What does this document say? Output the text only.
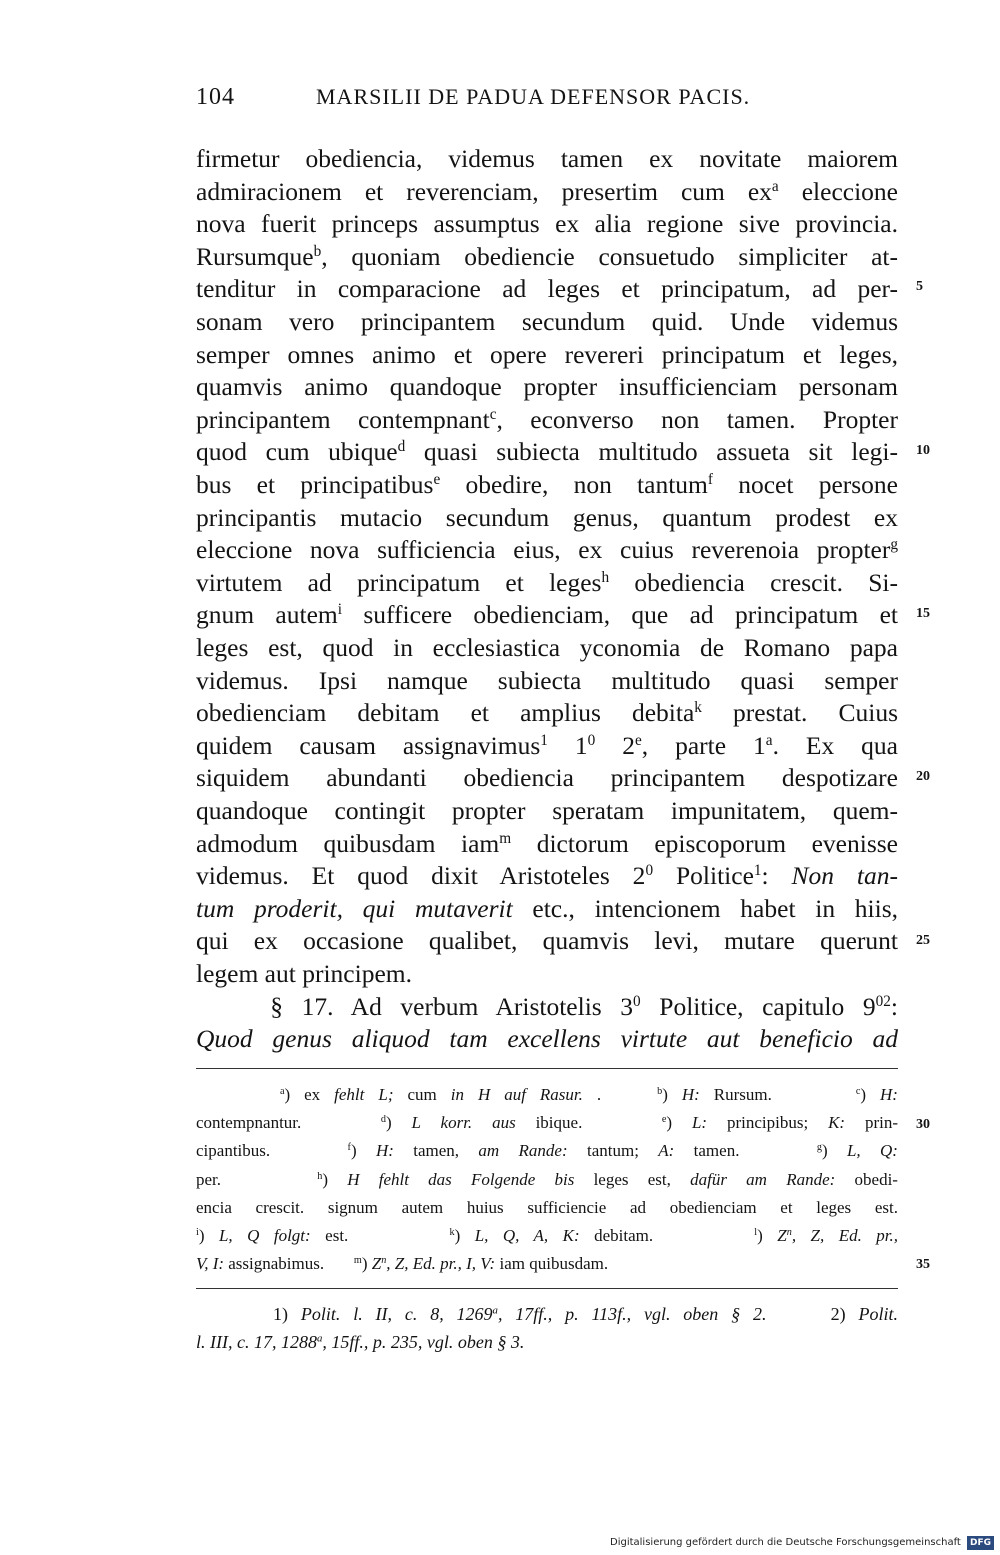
104	MARSILII DE PADUA DEFENSOR PACIS.
firmetur obediencia, videmus tamen ex novitate maiorem
admiracionem et reverenciam, presertim cum $ex^a$ eleccione
nova fuerit princeps assumptus ex alia regione sive provincia.
Rursumque$^b$, quoniam obediencie consuetudo simpliciter at-
tenditur in comparacione ad leges et principatum, ad per-
sonam vero principantem secundum quid. Unde videmus
semper omnes animo et opere revereri principatum et leges,
quamvis animo quandoque propter insufficienciam personam
principantem contempnant$^c$, econverso non tamen. Propter
quod cum ubique$^d$ quasi subiecta multitudo assueta sit legi-
bus et principatibus$^e$ obedire, non tantum$^f$ nocet persone
principantis mutacio secundum genus, quantum prodest ex
eleccione nova sufficiencia eius, ex cuius reverenoia propter$^g$
virtutem ad principatum et leges$^h$ obediencia crescit. Si-
gnum autem$^i$ sufficere obedienciam, que ad principatum et
leges est, quod in ecclesiastica yconomia de Romano papa
videmus. Ipsi namque subiecta multitudo quasi semper
obedienciam debitam et amplius debita$^k$ prestat. Cuius
quidem causam assignavimus$^1$ $1^0$ 2e, parte 1$^a$. Ex qua
siquidem abundanti obediencia principantem despotizare
quandoque contingit propter speratam impunitatem, quem-
admodum quibusdam iam$^m$ dictorum episcoporum evenisse
videmus. Et quod dixit Aristoteles $2^0$ Politice$^1$: Non tan-
tum proderit, qui mutaverit etc., intencionem habet in hiis,
qui ex occasione qualibet, quamvis levi, mutare querunt
legem aut principem.
§ 17. Ad verbum Aristotelis $3^0$ Politice, capitulo $9^{02}$:
Quod genus aliquod tam excellens virtute aut beneficio ad
5
10
15
20
25
30
35
$^a$) ex fehlt L; cum in H auf Rasur. .    $^b$) H: Rursum.      $^c$) H:
contempnantur.    $^d$) L korr. aus ibique.    $^e$) L: principibus; K: prin-
cipantibus.    $^f$) H: tamen, am Rande: tantum; A: tamen.    $^g$) L, Q:
per.     $^h$) H fehlt das Folgende bis leges est, dafür am Rande: obedi-
encia crescit. signum autem huius sufficiencie ad obedienciam et leges est.
$^i$) L, Q folgt: est.       $^k$) L, Q, A, K: debitam.       $^l$) $Z^n$, Z, Ed. pr.,
V, I: assignabimus.       $^m$) $Z^n$, Z, Ed. pr., I, V: iam quibusdam.
1) Polit. l. II, c. 8, 1269$^a$, 17ff., p. 113f., vgl. oben § 2.     2) Polit.
l. III, c. 17, 1288$^a$, 15ff., p. 235, vgl. oben § 3.
Digitalisierung gefördert durch die Deutsche Forschungsgemeinschaft DFG
